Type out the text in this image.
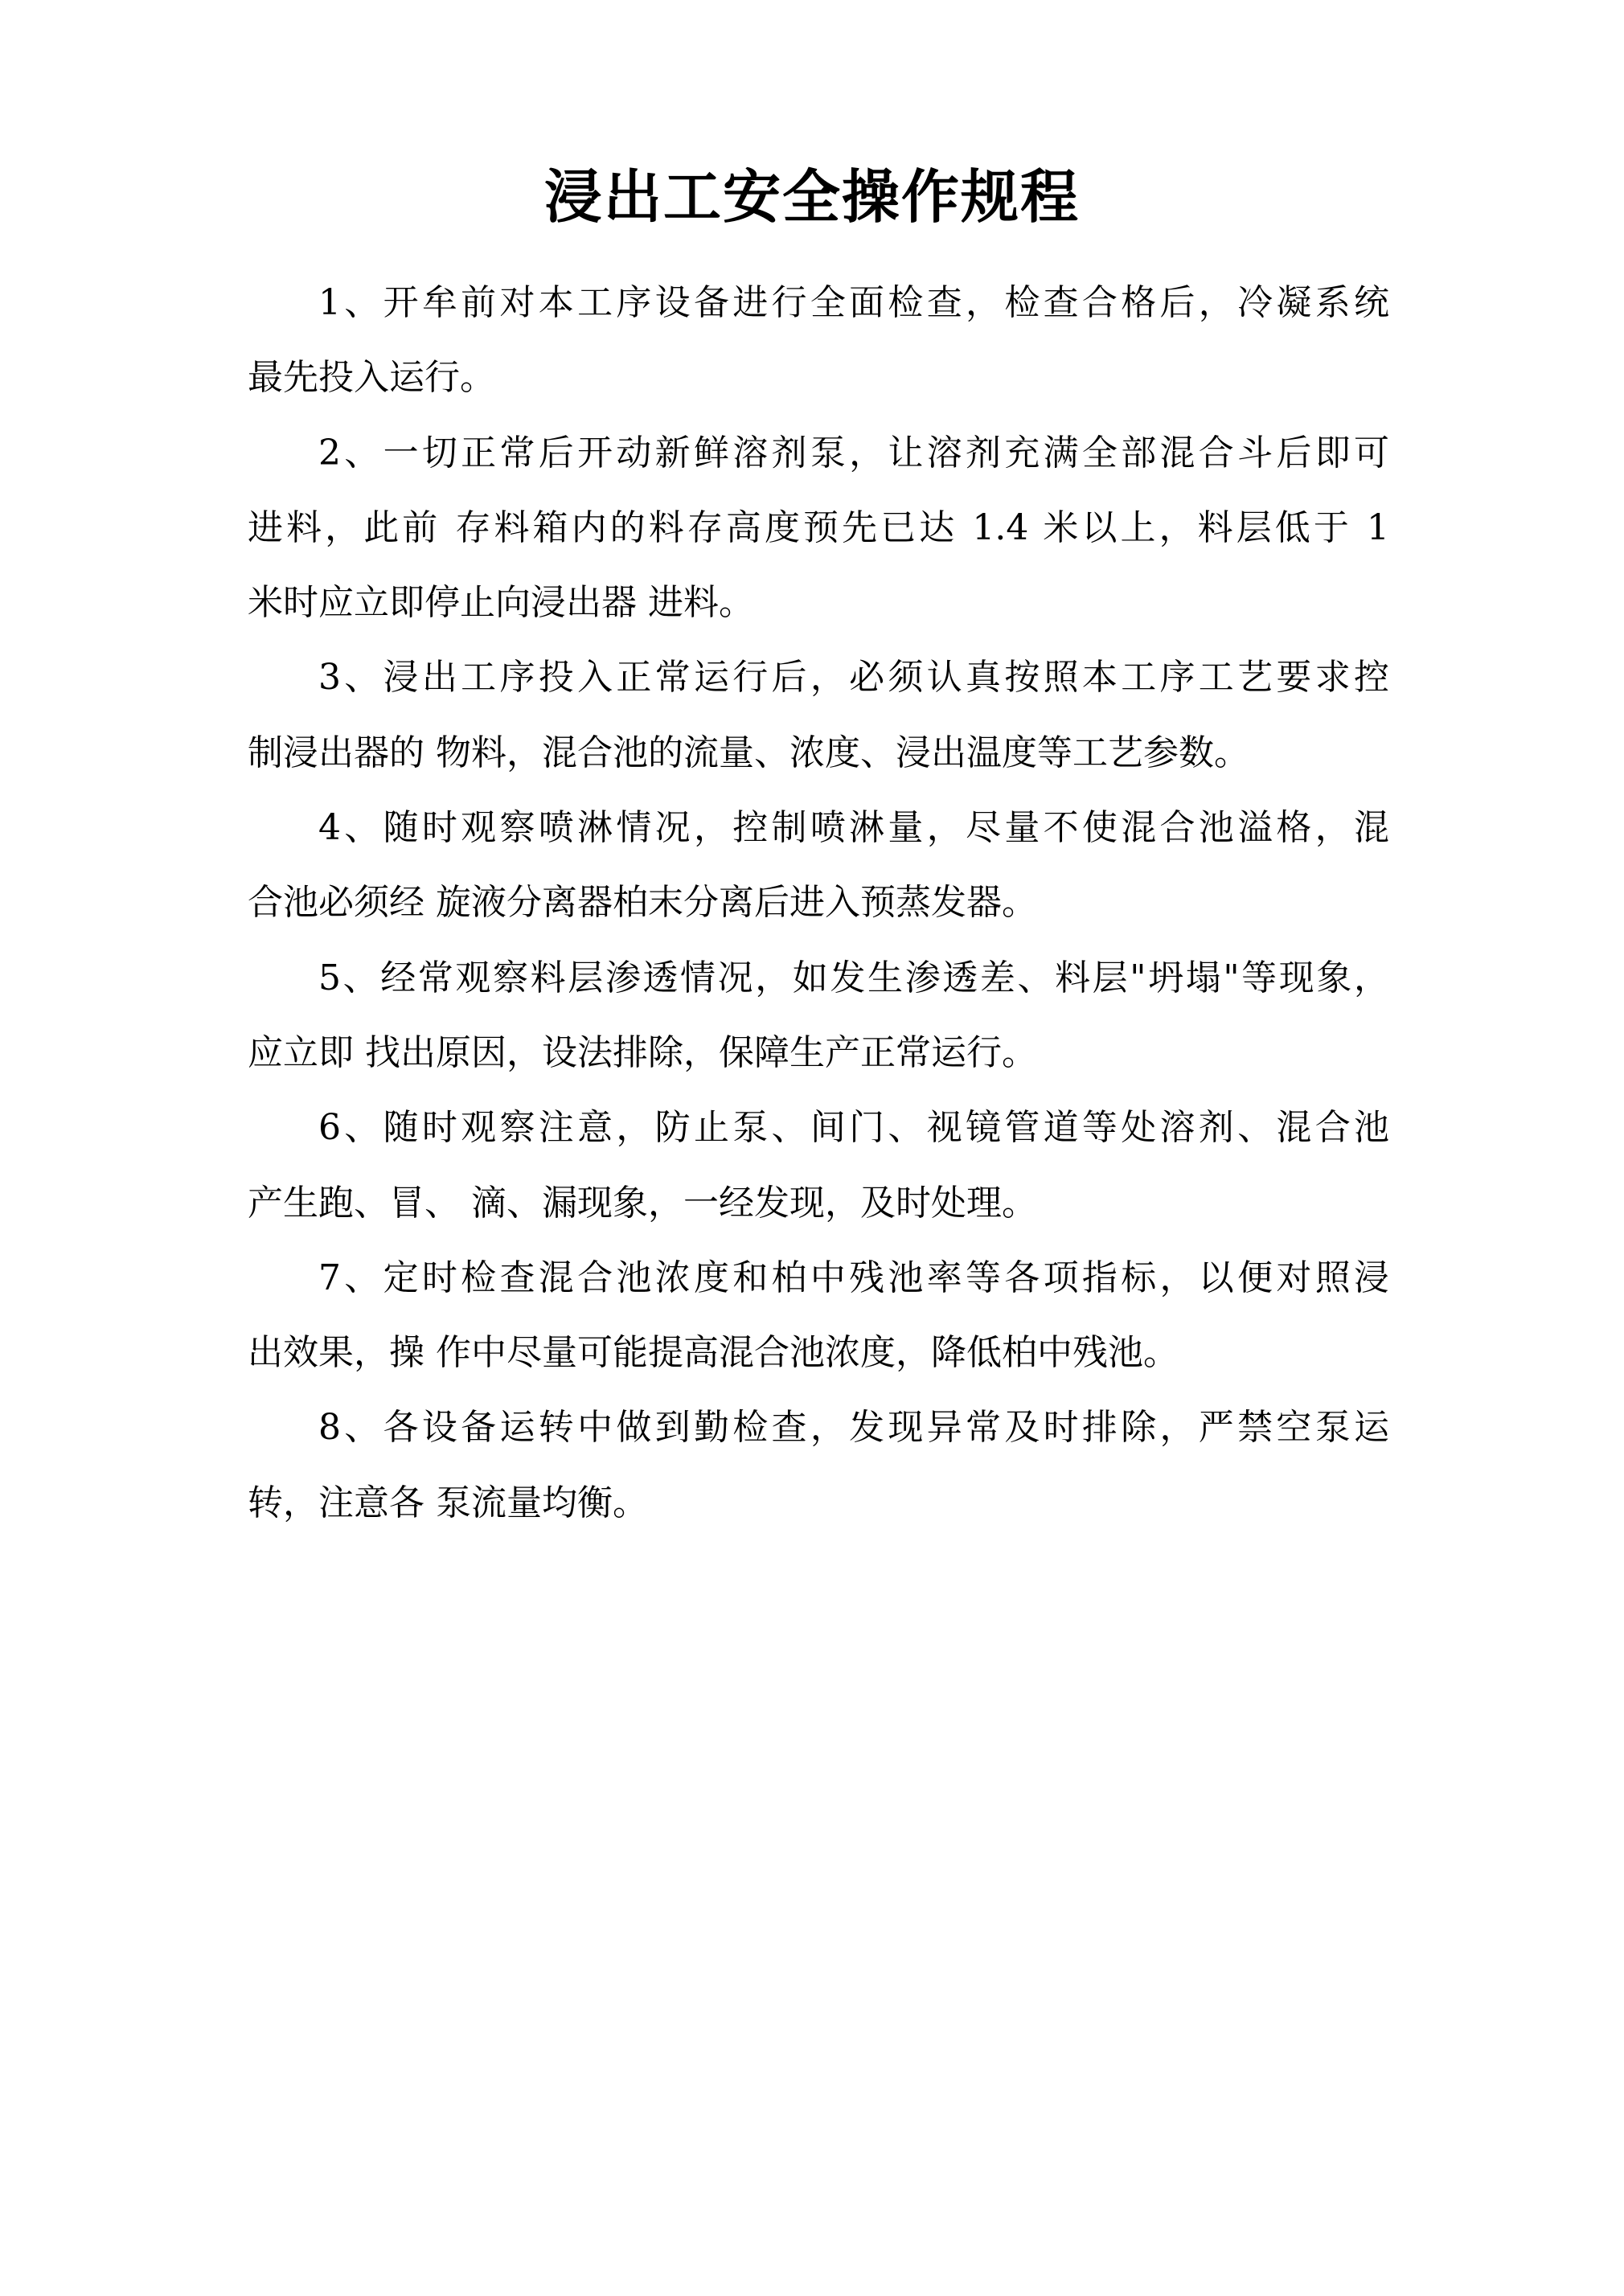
浸出工安全操作规程
1、开牟前对本工序设备进行全面检查，检查合格后，冷凝系统
最先投入运行。
2、一切正常后开动新鲜溶剂泵，让溶剂充满全部混合斗后即可
进料，此前 存料箱内的料存高度预先已达 1.4 米以上，料层低于 1
米时应立即停止向浸出器 进料。
3、浸出工序投入正常运行后，必须认真按照本工序工艺要求控
制浸出器的 物料，混合池的流量、浓度、浸出温度等工艺参数。
4、随时观察喷淋情况，控制喷淋量，尽量不使混合池溢格，混
合池必须经 旋液分离器柏末分离后进入预蒸发器。
5、经常观察料层渗透情况，如发生渗透差、料层"坍塌"等现象，
应立即 找出原因，设法排除，保障生产正常运行。
6、随时观察注意，防止泵、间门、视镜管道等处溶剂、混合池
产生跑、冒、 滴、漏现象，一经发现，及时处理。
7、定时检查混合池浓度和柏中残池率等各项指标，以便对照浸
出效果，操 作中尽量可能提高混合池浓度，降低柏中残池。
8、各设备运转中做到勤检查，发现异常及时排除，严禁空泵运
转，注意各 泵流量均衡。
